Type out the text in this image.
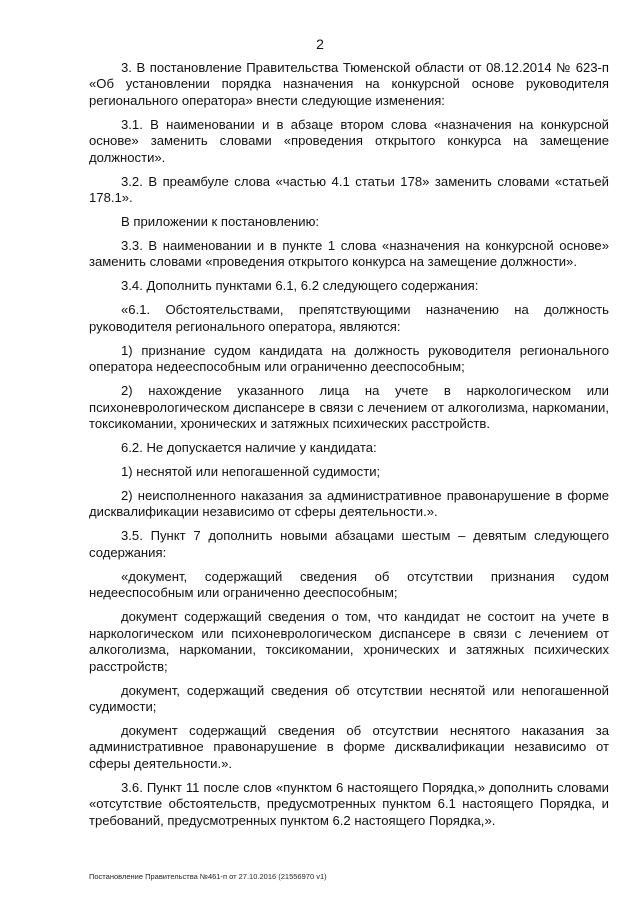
2

3. В постановление Правительства Тюменской области от 08.12.2014 № 623-п «Об установлении порядка назначения на конкурсной основе руководителя регионального оператора» внести следующие изменения:

3.1. В наименовании и в абзаце втором слова «назначения на конкурсной основе» заменить словами «проведения открытого конкурса на замещение должности».

3.2. В преамбуле слова «частью 4.1 статьи 178» заменить словами «статьей 178.1».

В приложении к постановлению:

3.3. В наименовании и в пункте 1 слова «назначения на конкурсной основе» заменить словами «проведения открытого конкурса на замещение должности».

3.4. Дополнить пунктами 6.1, 6.2 следующего содержания:

«6.1. Обстоятельствами, препятствующими назначению на должность руководителя регионального оператора, являются:

1) признание судом кандидата на должность руководителя регионального оператора недееспособным или ограниченно дееспособным;

2) нахождение указанного лица на учете в наркологическом или психоневрологическом диспансере в связи с лечением от алкоголизма, наркомании, токсикомании, хронических и затяжных психических расстройств.

6.2. Не допускается наличие у кандидата:

1) неснятой или непогашенной судимости;

2) неисполненного наказания за административное правонарушение в форме дисквалификации независимо от сферы деятельности.».

3.5. Пункт 7 дополнить новыми абзацами шестым – девятым следующего содержания:

«документ, содержащий сведения об отсутствии признания судом недееспособным или ограниченно дееспособным;

документ содержащий сведения о том, что кандидат не состоит на учете в наркологическом или психоневрологическом диспансере в связи с лечением от алкоголизма, наркомании, токсикомании, хронических и затяжных психических расстройств;

документ, содержащий сведения об отсутствии неснятой или непогашенной судимости;

документ содержащий сведения об отсутствии неснятого наказания за административное правонарушение в форме дисквалификации независимо от сферы деятельности.».

3.6. Пункт 11 после слов «пунктом 6 настоящего Порядка,» дополнить словами «отсутствие обстоятельств, предусмотренных пунктом 6.1 настоящего Порядка, и требований, предусмотренных пунктом 6.2 настоящего Порядка,».

Постановление Правительства №461-п от 27.10.2016 (21556970 v1)
